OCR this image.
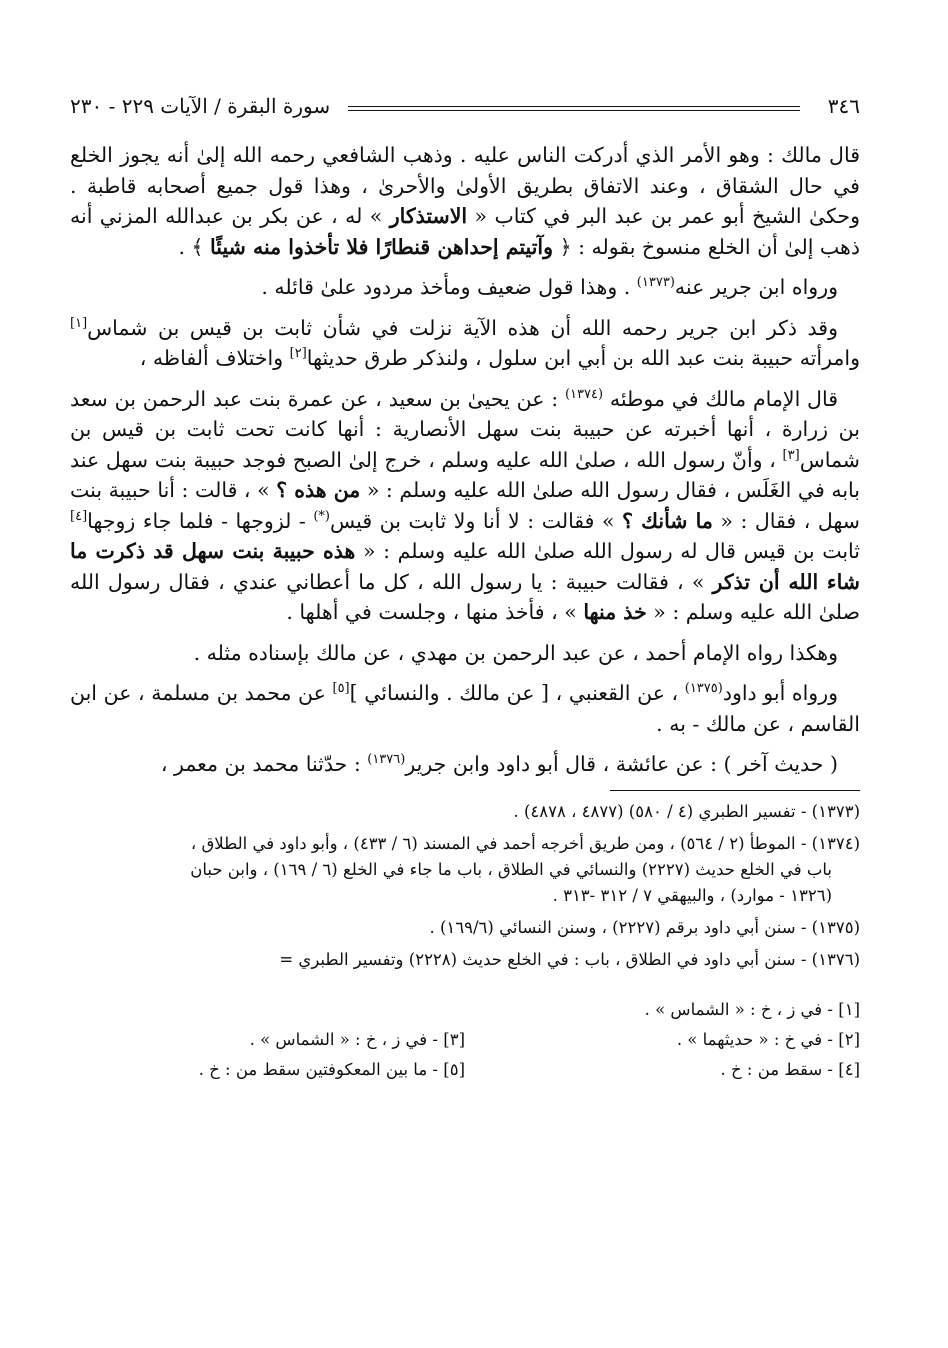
٣٤٦
سورة البقرة / الآيات ٢٢٩ - ٢٣٠

قال مالك : وهو الأمر الذي أدركت الناس عليه . وذهب الشافعي رحمه الله إلىٰ أنه يجوز الخلع في حال الشقاق ، وعند الاتفاق بطريق الأولىٰ والأحرىٰ ، وهذا قول جميع أصحابه قاطبة . وحكىٰ الشيخ أبو عمر بن عبد البر في كتاب « الاستذكار » له ، عن بكر بن عبدالله المزني أنه ذهب إلىٰ أن الخلع منسوخ بقوله : ﴿ وآتيتم إحداهن قنطارًا فلا تأخذوا منه شيئًا ﴾ .

ورواه ابن جرير عنه$^{(١٣٧٣)}$ . وهذا قول ضعيف ومأخذ مردود علىٰ قائله .

وقد ذكر ابن جرير رحمه الله أن هذه الآية نزلت في شأن ثابت بن قيس بن شماس[١] وامرأته حبيبة بنت عبد الله بن أبي ابن سلول ، ولنذكر طرق حديثها[٢] واختلاف ألفاظه ،

قال الإمام مالك في موطئه $^{(١٣٧٤)}$ : عن يحيىٰ بن سعيد ، عن عمرة بنت عبد الرحمن بن سعد بن زرارة ، أنها أخبرته عن حبيبة بنت سهل الأنصارية : أنها كانت تحت ثابت بن قيس بن شماس[٣] ، وأنّ رسول الله ، صلىٰ الله عليه وسلم ، خرج إلىٰ الصبح فوجد حبيبة بنت سهل عند بابه في الغَلَس ، فقال رسول الله صلىٰ الله عليه وسلم : « من هذه ؟ » ، قالت : أنا حبيبة بنت سهل ، فقال : « ما شأنك ؟ » فقالت : لا أنا ولا ثابت بن قيس(*) - لزوجها - فلما جاء زوجها[٤] ثابت بن قيس قال له رسول الله صلىٰ الله عليه وسلم : « هذه حبيبة بنت سهل قد ذكرت ما شاء الله أن تذكر » ، فقالت حبيبة : يا رسول الله ، كل ما أعطاني عندي ، فقال رسول الله صلىٰ الله عليه وسلم : « خذ منها » ، فأخذ منها ، وجلست في أهلها .

وهكذا رواه الإمام أحمد ، عن عبد الرحمن بن مهدي ، عن مالك بإسناده مثله .

ورواه أبو داود$^{(١٣٧٥)}$ ، عن القعنبي ، [ عن مالك . والنسائي ][٥] عن محمد بن مسلمة ، عن ابن القاسم ، عن مالك - به .

( حديث آخر ) : عن عائشة ، قال أبو داود وابن جرير$^{(١٣٧٦)}$ : حدّثنا محمد بن معمر ،

(١٣٧٣) - تفسير الطبري (٤ / ٥٨٠) (٤٨٧٧ ، ٤٨٧٨) .
(١٣٧٤) - الموطأ (٢ / ٥٦٤) ، ومن طريق أخرجه أحمد في المسند (٦ / ٤٣٣) ، وأبو داود في الطلاق ،
باب في الخلع حديث (٢٢٢٧) والنسائي في الطلاق ، باب ما جاء في الخلع (٦ / ١٦٩) ، وابن حبان
(١٣٢٦ - موارد) ، والبيهقي ٧ / ٣١٢ -٣١٣ .
(١٣٧٥) - سنن أبي داود برقم (٢٢٢٧) ، وسنن النسائي (١٦٩/٦) .
(١٣٧٦) - سنن أبي داود في الطلاق ، باب : في الخلع حديث (٢٢٢٨) وتفسير الطبري =
[١] - في ز ، خ : « الشماس » .
[٢] - في خ : « حديثهما » .
[٣] - في ز ، خ : « الشماس » .
[٤] - سقط من : خ .
[٥] - ما بين المعكوفتين سقط من : خ .
